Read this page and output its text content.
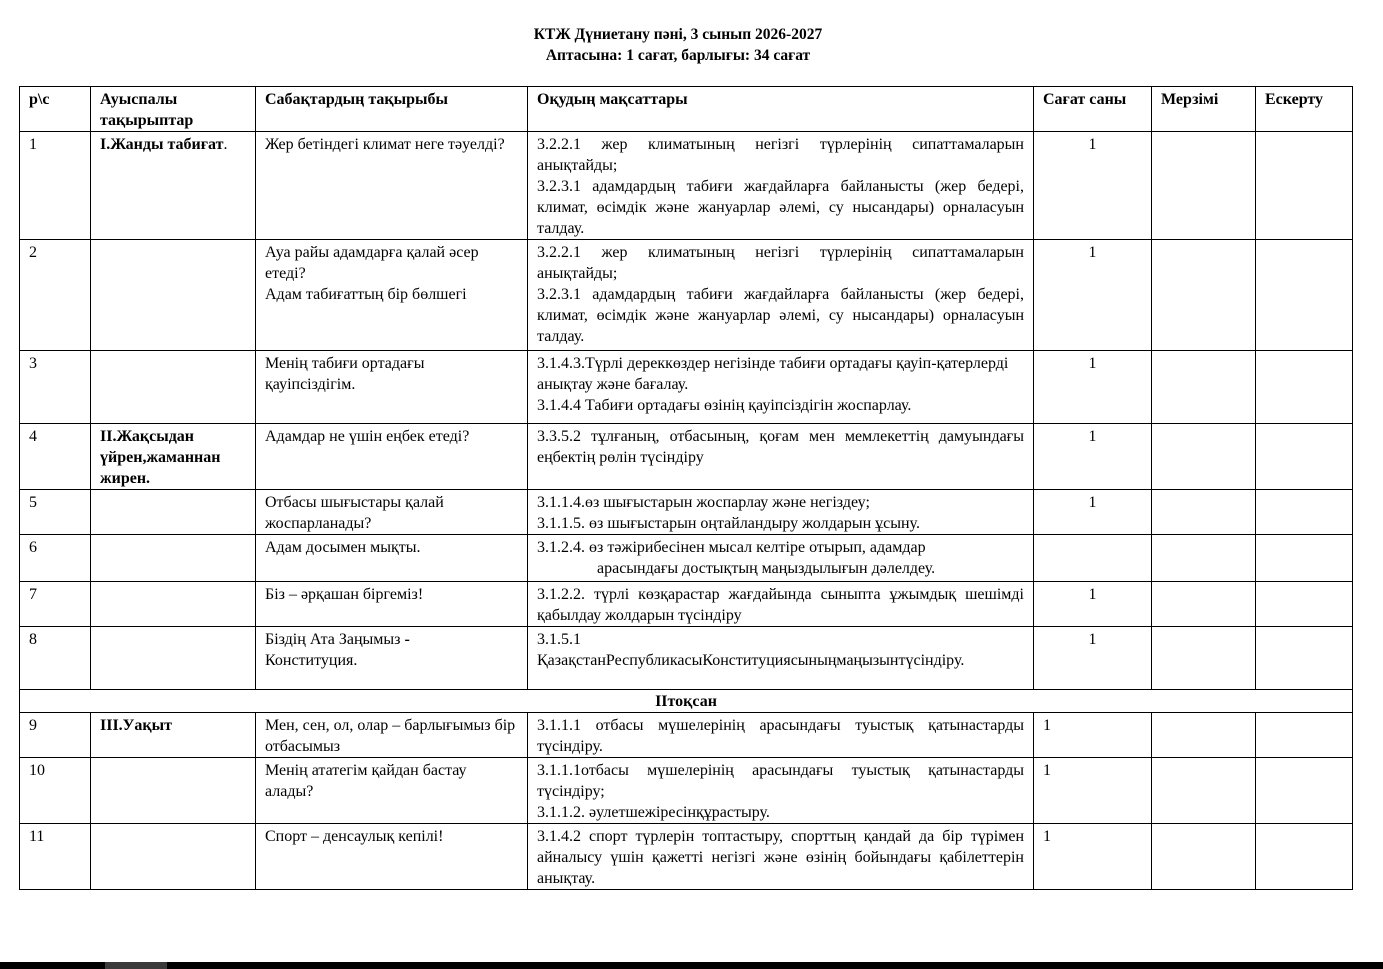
КТЖ Дүниетану пәні, 3 сынып 2026-2027
Аптасына: 1 сағат, барлығы: 34 сағат
р\с	Ауыспалы тақырыптар	Сабақтардың тақырыбы	Оқудың мақсаттары	Сағат саны	Мерзімі	Ескерту
1	І.Жанды табиғат.	Жер бетіндегі климат неге тәуелді?	3.2.2.1 жер климатының негізгі түрлерінің сипаттамаларын анықтайды;
3.2.3.1 адамдардың табиғи жағдайларға байланысты (жер бедері, климат, өсімдік және жануарлар әлемі, су нысандары) орналасуын талдау.	1		
2		Ауа райы адамдарға қалай әсер етеді?
Адам табиғаттың бір бөлшегі	3.2.2.1 жер климатының негізгі түрлерінің сипаттамаларын анықтайды;
3.2.3.1 адамдардың табиғи жағдайларға байланысты (жер бедері, климат, өсімдік және жануарлар әлемі, су нысандары) орналасуын талдау.	1		
3		Менің табиғи ортадағы қауіпсіздігім.	3.1.4.3.Түрлі дереккөздер негізінде табиғи ортадағы қауіп-қатерлерді анықтау және бағалау.
3.1.4.4 Табиғи ортадағы өзінің қауіпсіздігін жоспарлау.	1		
4	ІІ.Жақсыдан үйрен,жаманнан жирен.	Адамдар не үшін еңбек етеді?	3.3.5.2 тұлғаның, отбасының, қоғам мен мемлекеттің дамуындағы еңбектің рөлін түсіндіру	1		
5		Отбасы шығыстары қалай жоспарланады?	3.1.1.4.өз шығыстарын жоспарлау және негіздеу;
3.1.1.5. өз шығыстарын оңтайландыру жолдарын ұсыну.	1		
6		Адам досымен мықты.	3.1.2.4. өз тәжірибесінен мысал келтіре отырып, адамдар
арасындағы достықтың маңыздылығын дәлелдеу.			

7		Біз – әрқашан біргеміз!	3.1.2.2. түрлі көзқарастар жағдайында сыныпта ұжымдық шешімді қабылдау жолдарын түсіндіру	1		
8		Біздің Ата Заңымыз -
Конституция.	3.1.5.1
ҚазақстанРеспубликасыКонституциясыныңмаңызынтүсіндіру.	1		
ІІтоқсан						
9	ІІІ.Уақыт	Мен, сен, ол, олар – барлығымыз бір отбасымыз	3.1.1.1 отбасы мүшелерінің арасындағы туыстық қатынастарды түсіндіру.	1		
10		Менің ататегім қайдан бастау алады?	3.1.1.1отбасы мүшелерінің арасындағы туыстық қатынастарды түсіндіру;
3.1.1.2. әулетшежіресінқұрастыру.	1		
11		Спорт – денсаулық кепілі!	3.1.4.2 спорт түрлерін топтастыру, спорттың қандай да бір түрімен айналысу үшін қажетті негізгі және өзінің бойындағы қабілеттерін анықтау.	1		
